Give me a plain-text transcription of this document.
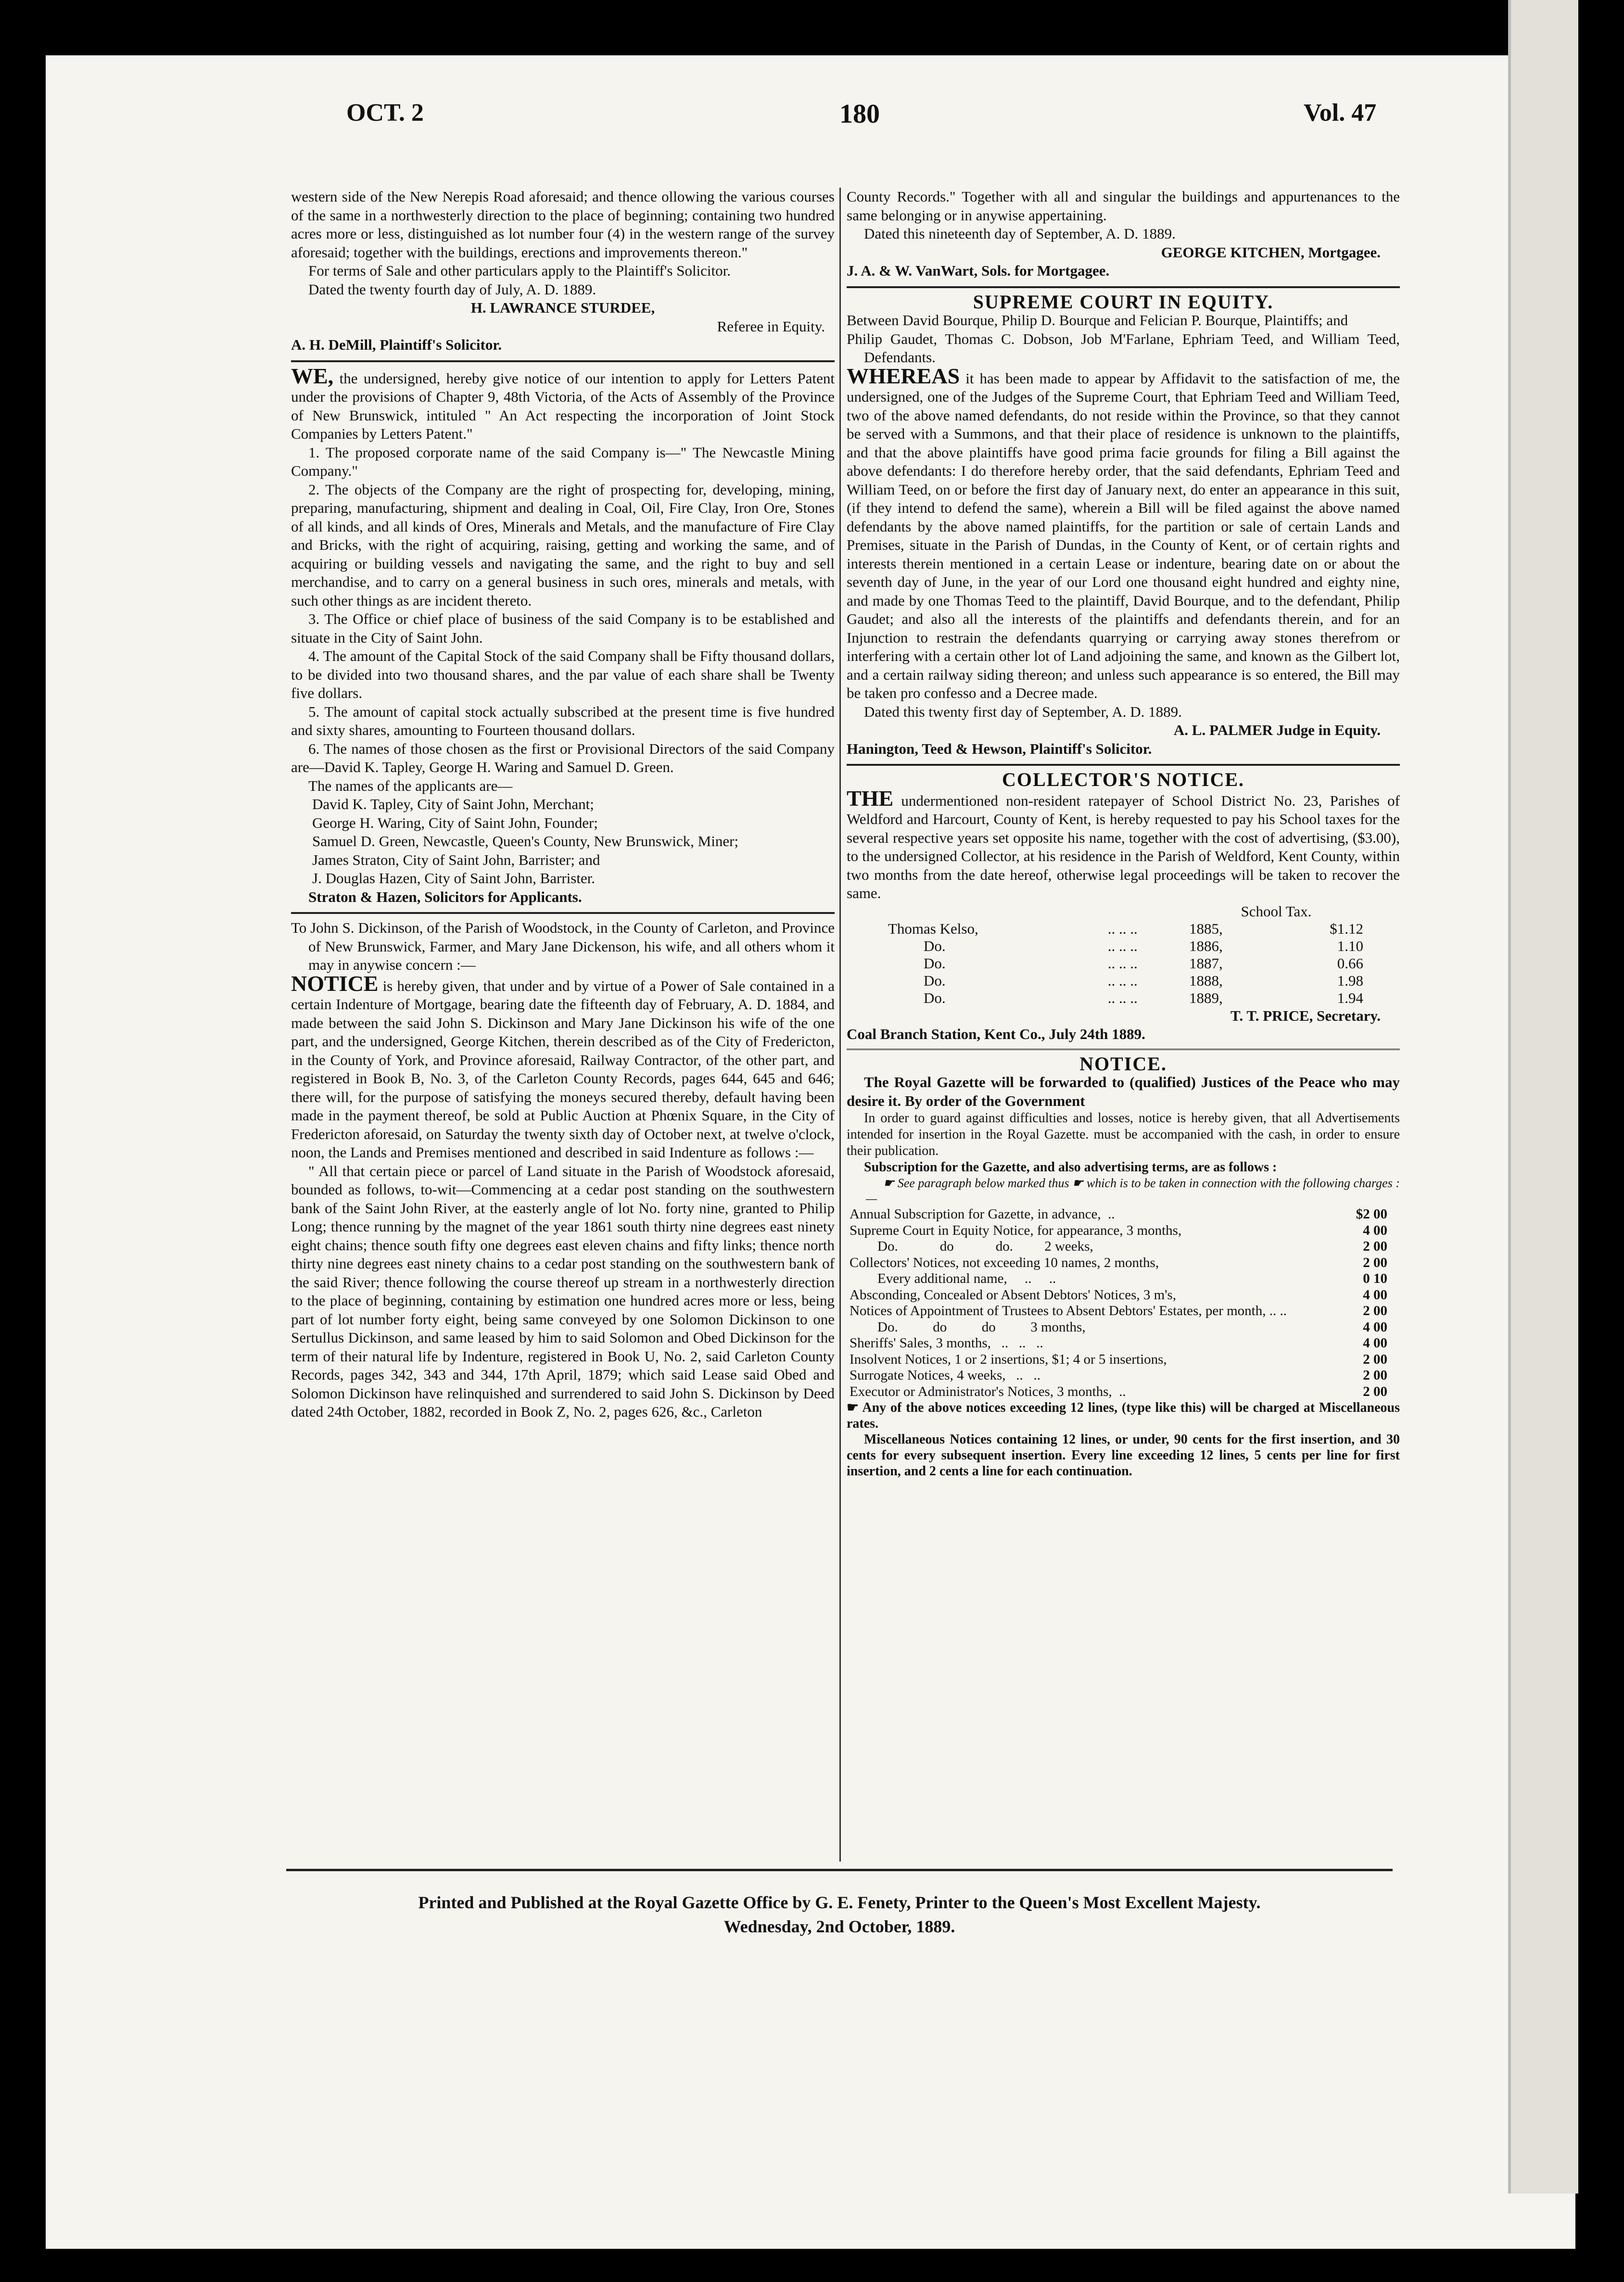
OCT. 2	180	Vol. 47

western side of the New Nerepis Road aforesaid; and thence ollowing the various courses of the same in a northwesterly direction to the place of beginning; containing two hundred acres more or less, distinguished as lot number four (4) in the western range of the survey aforesaid; together with the buildings, erections and improvements thereon."

For terms of Sale and other particulars apply to the Plaintiff's Solicitor.

Dated the twenty fourth day of July, A. D. 1889.

H. LAWRANCE STURDEE,

Referee in Equity.

A. H. DeMill, Plaintiff's Solicitor.

WE, the undersigned, hereby give notice of our intention to apply for Letters Patent under the provisions of Chapter 9, 48th Victoria, of the Acts of Assembly of the Province of New Brunswick, intituled " An Act respecting the incorporation of Joint Stock Companies by Letters Patent."

1. The proposed corporate name of the said Company is—" The Newcastle Mining Company."

2. The objects of the Company are the right of prospecting for, developing, mining, preparing, manufacturing, shipment and dealing in Coal, Oil, Fire Clay, Iron Ore, Stones of all kinds, and all kinds of Ores, Minerals and Metals, and the manufacture of Fire Clay and Bricks, with the right of acquiring, raising, getting and working the same, and of acquiring or building vessels and navigating the same, and the right to buy and sell merchandise, and to carry on a general business in such ores, minerals and metals, with such other things as are incident thereto.

3. The Office or chief place of business of the said Company is to be established and situate in the City of Saint John.

4. The amount of the Capital Stock of the said Company shall be Fifty thousand dollars, to be divided into two thousand shares, and the par value of each share shall be Twenty five dollars.

5. The amount of capital stock actually subscribed at the present time is five hundred and sixty shares, amounting to Fourteen thousand dollars.

6. The names of those chosen as the first or Provisional Directors of the said Company are—David K. Tapley, George H. Waring and Samuel D. Green.

The names of the applicants are—

David K. Tapley, City of Saint John, Merchant;

George H. Waring, City of Saint John, Founder;

Samuel D. Green, Newcastle, Queen's County, New Brunswick, Miner;

James Straton, City of Saint John, Barrister; and

J. Douglas Hazen, City of Saint John, Barrister.

Straton & Hazen, Solicitors for Applicants.

To John S. Dickinson, of the Parish of Woodstock, in the County of Carleton, and Province of New Brunswick, Farmer, and Mary Jane Dickenson, his wife, and all others whom it may in anywise concern :—

NOTICE is hereby given, that under and by virtue of a Power of Sale contained in a certain Indenture of Mortgage, bearing date the fifteenth day of February, A. D. 1884, and made between the said John S. Dickinson and Mary Jane Dickinson his wife of the one part, and the undersigned, George Kitchen, therein described as of the City of Fredericton, in the County of York, and Province aforesaid, Railway Contractor, of the other part, and registered in Book B, No. 3, of the Carleton County Records, pages 644, 645 and 646; there will, for the purpose of satisfying the moneys secured thereby, default having been made in the payment thereof, be sold at Public Auction at Phœnix Square, in the City of Fredericton aforesaid, on Saturday the twenty sixth day of October next, at twelve o'clock, noon, the Lands and Premises mentioned and described in said Indenture as follows :—

" All that certain piece or parcel of Land situate in the Parish of Woodstock aforesaid, bounded as follows, to-wit—Commencing at a cedar post standing on the southwestern bank of the Saint John River, at the easterly angle of lot No. forty nine, granted to Philip Long; thence running by the magnet of the year 1861 south thirty nine degrees east ninety eight chains; thence south fifty one degrees east eleven chains and fifty links; thence north thirty nine degrees east ninety chains to a cedar post standing on the southwestern bank of the said River; thence following the course thereof up stream in a northwesterly direction to the place of beginning, containing by estimation one hundred acres more or less, being part of lot number forty eight, being same conveyed by one Solomon Dickinson to one Sertullus Dickinson, and same leased by him to said Solomon and Obed Dickinson for the term of their natural life by Indenture, registered in Book U, No. 2, said Carleton County Records, pages 342, 343 and 344, 17th April, 1879; which said Lease said Obed and Solomon Dickinson have relinquished and surrendered to said John S. Dickinson by Deed dated 24th October, 1882, recorded in Book Z, No. 2, pages 626, &c., Carleton

County Records." Together with all and singular the buildings and appurtenances to the same belonging or in anywise appertaining.

Dated this nineteenth day of September, A. D. 1889.

GEORGE KITCHEN, Mortgagee.

J. A. & W. VanWart, Sols. for Mortgagee.

SUPREME COURT IN EQUITY.

Between David Bourque, Philip D. Bourque and Felician P. Bourque, Plaintiffs; and

Philip Gaudet, Thomas C. Dobson, Job M'Farlane, Ephriam Teed, and William Teed, Defendants.

WHEREAS it has been made to appear by Affidavit to the satisfaction of me, the undersigned, one of the Judges of the Supreme Court, that Ephriam Teed and William Teed, two of the above named defendants, do not reside within the Province, so that they cannot be served with a Summons, and that their place of residence is unknown to the plaintiffs, and that the above plaintiffs have good prima facie grounds for filing a Bill against the above defendants: I do therefore hereby order, that the said defendants, Ephriam Teed and William Teed, on or before the first day of January next, do enter an appearance in this suit, (if they intend to defend the same), wherein a Bill will be filed against the above named defendants by the above named plaintiffs, for the partition or sale of certain Lands and Premises, situate in the Parish of Dundas, in the County of Kent, or of certain rights and interests therein mentioned in a certain Lease or indenture, bearing date on or about the seventh day of June, in the year of our Lord one thousand eight hundred and eighty nine, and made by one Thomas Teed to the plaintiff, David Bourque, and to the defendant, Philip Gaudet; and also all the interests of the plaintiffs and defendants therein, and for an Injunction to restrain the defendants quarrying or carrying away stones therefrom or interfering with a certain other lot of Land adjoining the same, and known as the Gilbert lot, and a certain railway siding thereon; and unless such appearance is so entered, the Bill may be taken pro confesso and a Decree made.

Dated this twenty first day of September, A. D. 1889.

A. L. PALMER Judge in Equity.

Hanington, Teed & Hewson, Plaintiff's Solicitor.

COLLECTOR'S NOTICE.

THE undermentioned non-resident ratepayer of School District No. 23, Parishes of Weldford and Harcourt, County of Kent, is hereby requested to pay his School taxes for the several respective years set opposite his name, together with the cost of advertising, ($3.00), to the undersigned Collector, at his residence in the Parish of Weldford, Kent County, within two months from the date hereof, otherwise legal proceedings will be taken to recover the same.

		School Tax.	
Thomas Kelso,	.. .. ..	1885,	$1.12
Do.	.. .. ..	1886,	1.10
Do.	.. .. ..	1887,	0.66
Do.	.. .. ..	1888,	1.98
Do.	.. .. ..	1889,	1.94

T. T. PRICE, Secretary.

Coal Branch Station, Kent Co., July 24th 1889.

NOTICE.

The Royal Gazette will be forwarded to (qualified) Justices of the Peace who may desire it. By order of the Government

In order to guard against difficulties and losses, notice is hereby given, that all Advertisements intended for insertion in the Royal Gazette. must be accompanied with the cash, in order to ensure their publication.

Subscription for the Gazette, and also advertising terms, are as follows :

☛ See paragraph below marked thus ☛ which is to be taken in connection with the following charges :—

Annual Subscription for Gazette, in advance,  ..	$2 00
Supreme Court in Equity Notice, for appearance, 3 months,	4 00
Do.            do            do.         2 weeks,	2 00
Collectors' Notices, not exceeding 10 names, 2 months,	2 00
Every additional name,     ..     ..	0 10
Absconding, Concealed or Absent Debtors' Notices, 3 m's,	4 00
Notices of Appointment of Trustees to Absent Debtors' Estates, per month, .. ..	2 00
Do.          do          do          3 months,	4 00
Sheriffs' Sales, 3 months,   ..   ..   ..	4 00
Insolvent Notices, 1 or 2 insertions, $1; 4 or 5 insertions,	2 00
Surrogate Notices, 4 weeks,   ..   ..	2 00
Executor or Administrator's Notices, 3 months,  ..	2 00

☛ Any of the above notices exceeding 12 lines, (type like this) will be charged at Miscellaneous rates.

Miscellaneous Notices containing 12 lines, or under, 90 cents for the first insertion, and 30 cents for every subsequent insertion. Every line exceeding 12 lines, 5 cents per line for first insertion, and 2 cents a line for each continuation.

Printed and Published at the Royal Gazette Office by G. E. Fenety, Printer to the Queen's Most Excellent Majesty.
Wednesday, 2nd October, 1889.
